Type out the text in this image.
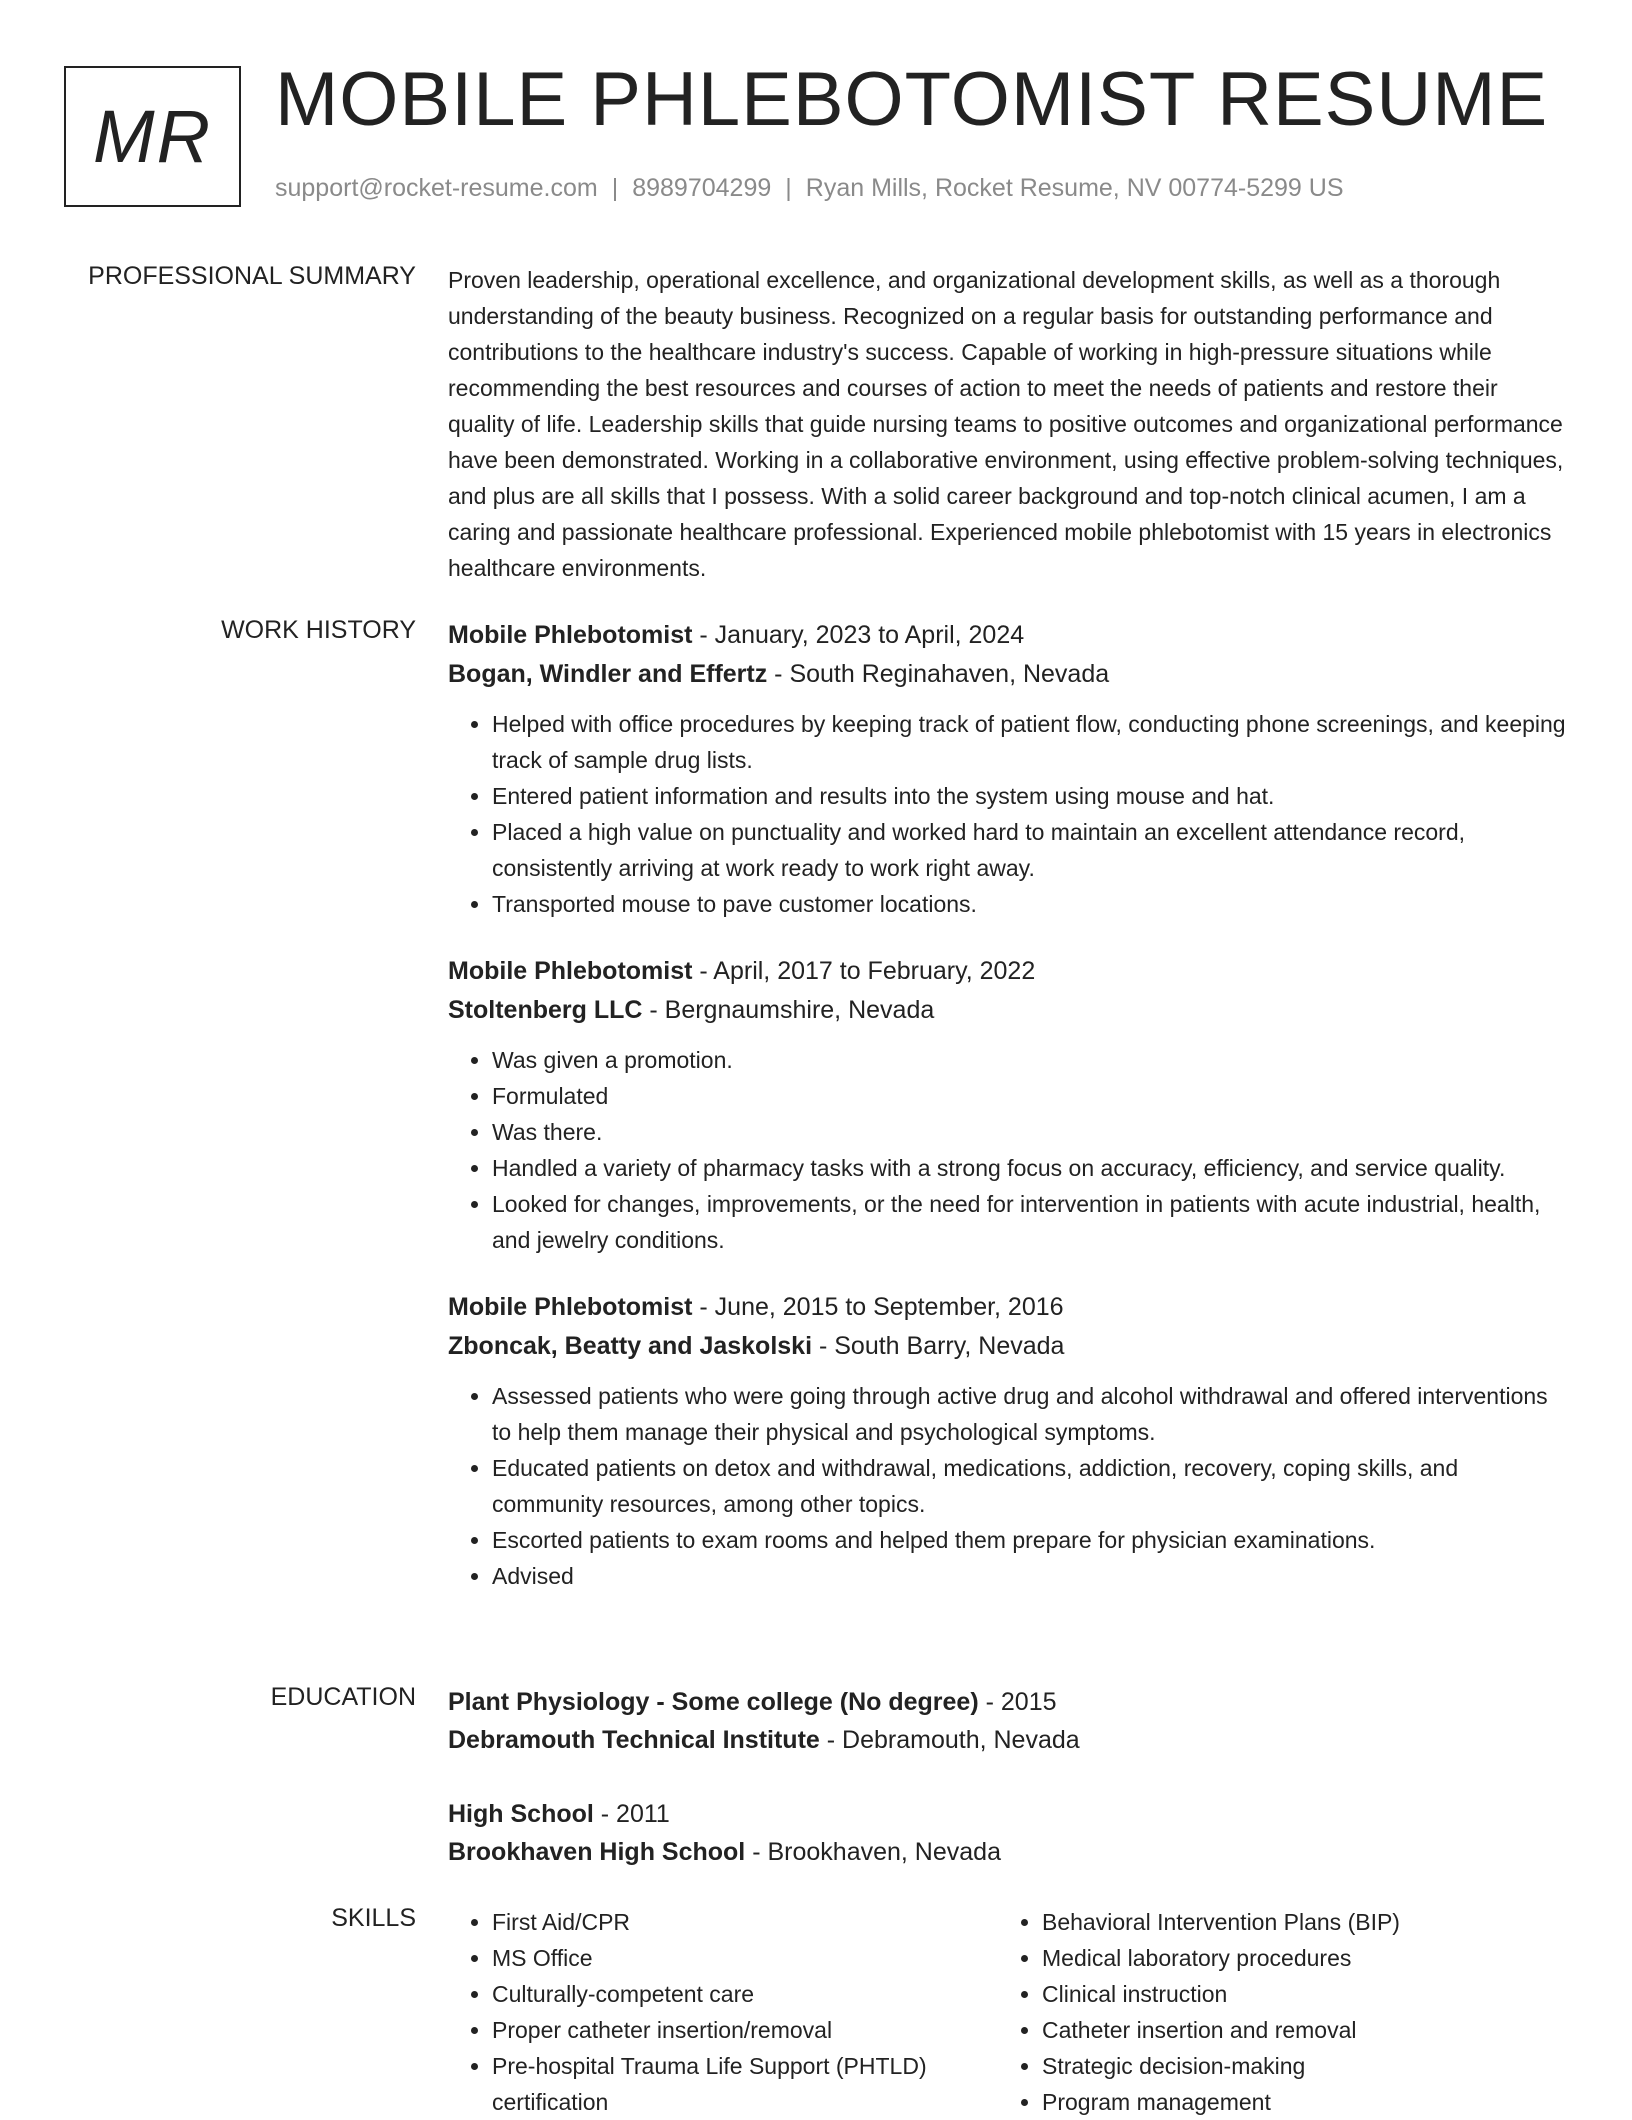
MR MOBILE PHLEBOTOMIST RESUME
support@rocket-resume.com | 8989704299 | Ryan Mills, Rocket Resume, NV 00774-5299 US
PROFESSIONAL SUMMARY Proven leadership, operational excellence, and organizational development skills, as well as a thorough understanding of the beauty business. Recognized on a regular basis for outstanding performance and contributions to the healthcare industry's success. Capable of working in high-pressure situations while recommending the best resources and courses of action to meet the needs of patients and restore their quality of life. Leadership skills that guide nursing teams to positive outcomes and organizational performance have been demonstrated. Working in a collaborative environment, using effective problem-solving techniques, and plus are all skills that I possess. With a solid career background and top-notch clinical acumen, I am a caring and passionate healthcare professional. Experienced mobile phlebotomist with 15 years in electronics healthcare environments.

WORK HISTORY Mobile Phlebotomist - January, 2023 to April, 2024
Bogan, Windler and Effertz - South Reginahaven, Nevada
• Helped with office procedures by keeping track of patient flow, conducting phone screenings, and keeping track of sample drug lists.
• Entered patient information and results into the system using mouse and hat.
• Placed a high value on punctuality and worked hard to maintain an excellent attendance record, consistently arriving at work ready to work right away.
• Transported mouse to pave customer locations.
Mobile Phlebotomist - April, 2017 to February, 2022
Stoltenberg LLC - Bergnaumshire, Nevada
• Was given a promotion.
• Formulated
• Was there.
• Handled a variety of pharmacy tasks with a strong focus on accuracy, efficiency, and service quality.
• Looked for changes, improvements, or the need for intervention in patients with acute industrial, health, and jewelry conditions.
Mobile Phlebotomist - June, 2015 to September, 2016
Zboncak, Beatty and Jaskolski - South Barry, Nevada
• Assessed patients who were going through active drug and alcohol withdrawal and offered interventions to help them manage their physical and psychological symptoms.
• Educated patients on detox and withdrawal, medications, addiction, recovery, coping skills, and community resources, among other topics.
• Escorted patients to exam rooms and helped them prepare for physician examinations.
• Advised
EDUCATION Plant Physiology - Some college (No degree) - 2015
Debramouth Technical Institute - Debramouth, Nevada
High School - 2011
Brookhaven High School - Brookhaven, Nevada
SKILLS
•	First Aid/CPR
• MS Office
• Culturally-competent care
• Proper catheter insertion/removal
• Pre-hospital Trauma Life Support (PHTLD) certification
• Behavioral Intervention Plans (BIP)
• Medical laboratory procedures
• Clinical instruction
• Catheter insertion and removal
• Strategic decision-making
• Program management
